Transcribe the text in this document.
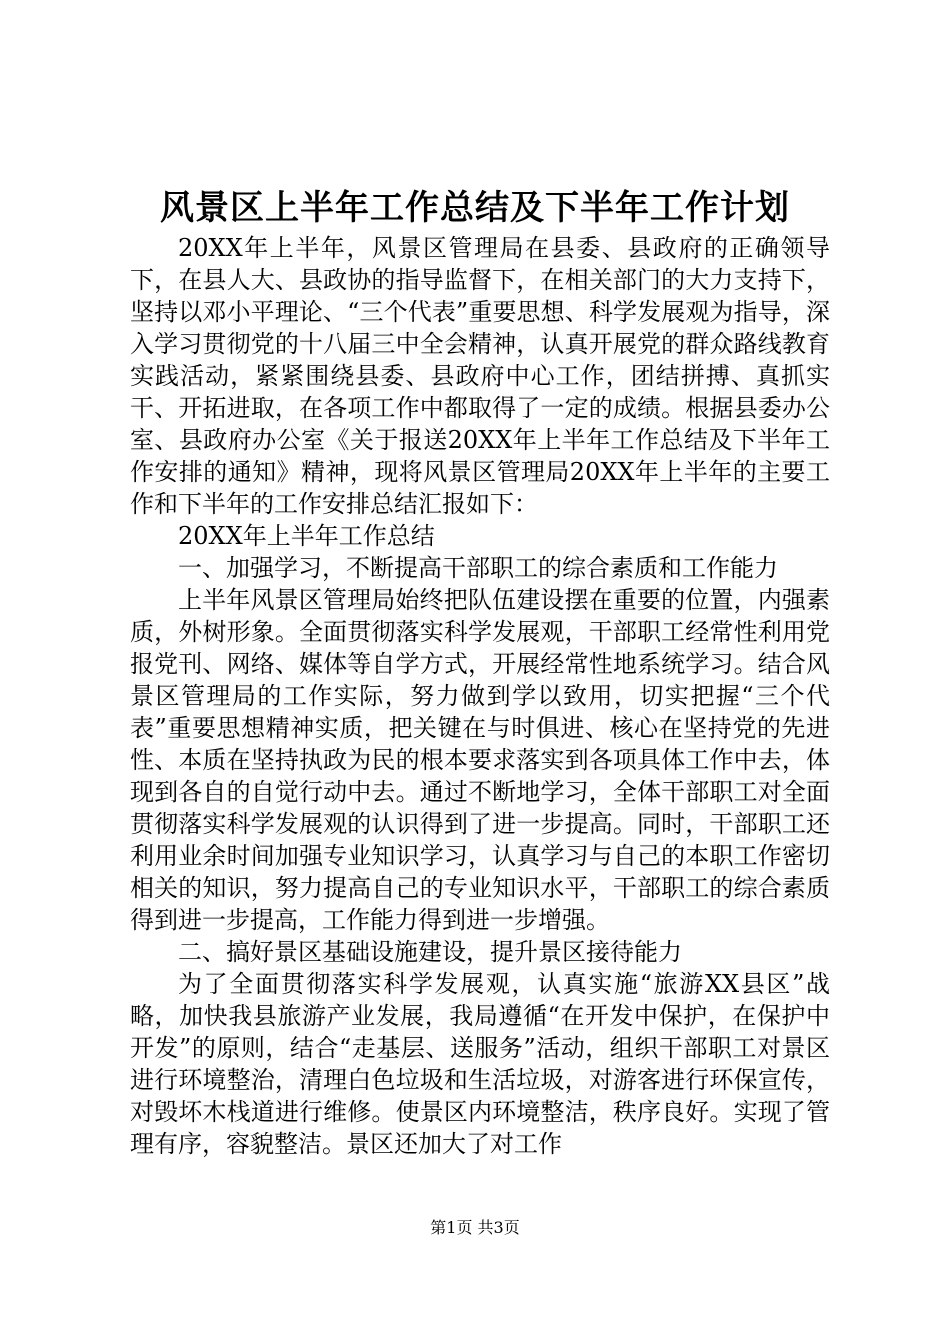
风景区上半年工作总结及下半年工作计划

20XX年上半年，风景区管理局在县委、县政府的正确领导下，在县人大、县政协的指导监督下，在相关部门的大力支持下，坚持以邓小平理论、“三个代表”重要思想、科学发展观为指导，深入学习贯彻党的十八届三中全会精神，认真开展党的群众路线教育实践活动，紧紧围绕县委、县政府中心工作，团结拼搏、真抓实干、开拓进取，在各项工作中都取得了一定的成绩。根据县委办公室、县政府办公室《关于报送20XX年上半年工作总结及下半年工作安排的通知》精神，现将风景区管理局20XX年上半年的主要工作和下半年的工作安排总结汇报如下：

20XX年上半年工作总结

一、加强学习，不断提高干部职工的综合素质和工作能力

上半年风景区管理局始终把队伍建设摆在重要的位置，内强素质，外树形象。全面贯彻落实科学发展观，干部职工经常性利用党报党刊、网络、媒体等自学方式，开展经常性地系统学习。结合风景区管理局的工作实际，努力做到学以致用，切实把握“三个代表”重要思想精神实质，把关键在与时俱进、核心在坚持党的先进性、本质在坚持执政为民的根本要求落实到各项具体工作中去，体现到各自的自觉行动中去。通过不断地学习，全体干部职工对全面贯彻落实科学发展观的认识得到了进一步提高。同时，干部职工还利用业余时间加强专业知识学习，认真学习与自己的本职工作密切相关的知识，努力提高自己的专业知识水平，干部职工的综合素质得到进一步提高，工作能力得到进一步增强。

二、搞好景区基础设施建设，提升景区接待能力

为了全面贯彻落实科学发展观，认真实施“旅游XX县区”战略，加快我县旅游产业发展，我局遵循“在开发中保护，在保护中开发”的原则，结合“走基层、送服务”活动，组织干部职工对景区进行环境整治，清理白色垃圾和生活垃圾，对游客进行环保宣传，对毁坏木栈道进行维修。使景区内环境整洁，秩序良好。实现了管理有序，容貌整洁。景区还加大了对工作

第1页 共3页
